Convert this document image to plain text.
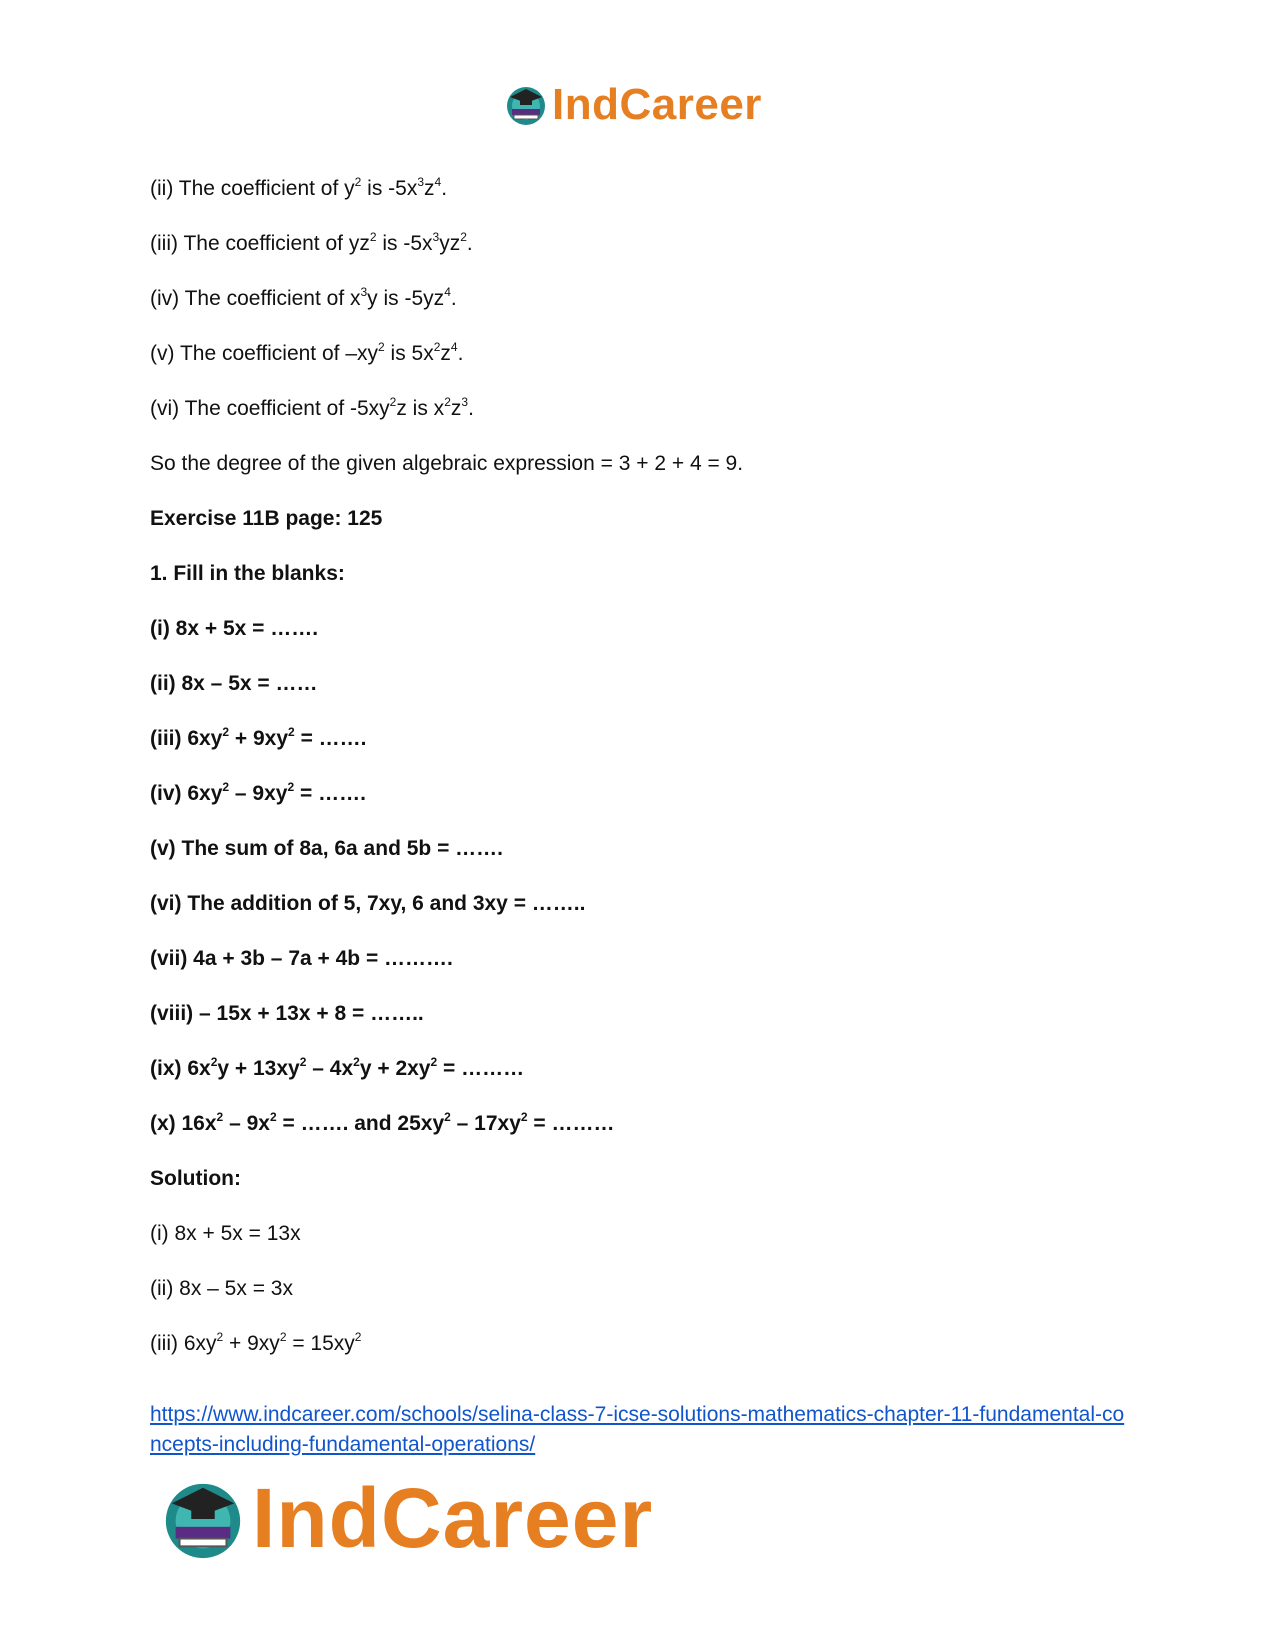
IndCareer
(ii) The coefficient of $y^2$ is $-5x^3z^4$.
(iii) The coefficient of $yz^2$ is $-5x^3yz^2$.
(iv) The coefficient of $x^3y$ is $-5yz^4$.
(v) The coefficient of $-xy^2$ is $5x^2z^4$.
(vi) The coefficient of $-5xy^2z$ is $x^2z^3$.
So the degree of the given algebraic expression = 3 + 2 + 4 = 9.
Exercise 11B page: 125
1. Fill in the blanks:
(i) 8x + 5x = …….
(ii) 8x – 5x = ……
(iii) $6xy^2 + 9xy^2$ = …….
(iv) $6xy^2 - 9xy^2$ = …….
(v) The sum of 8a, 6a and 5b = …….
(vi) The addition of 5, 7xy, 6 and 3xy = ……..
(vii) 4a + 3b – 7a + 4b = ……….
(viii) – 15x + 13x + 8 = ……..
(ix) $6x^2y + 13xy^2 - 4x^2y + 2xy^2$ = ………
(x) $16x^2 - 9x^2$ = ……. and $25xy^2 - 17xy^2$ = ………
Solution:
(i) 8x + 5x = 13x
(ii) 8x – 5x = 3x
(iii) $6xy^2 + 9xy^2 = 15xy^2$
https://www.indcareer.com/schools/selina-class-7-icse-solutions-mathematics-chapter-11-fundamental-concepts-including-fundamental-operations/
IndCareer
